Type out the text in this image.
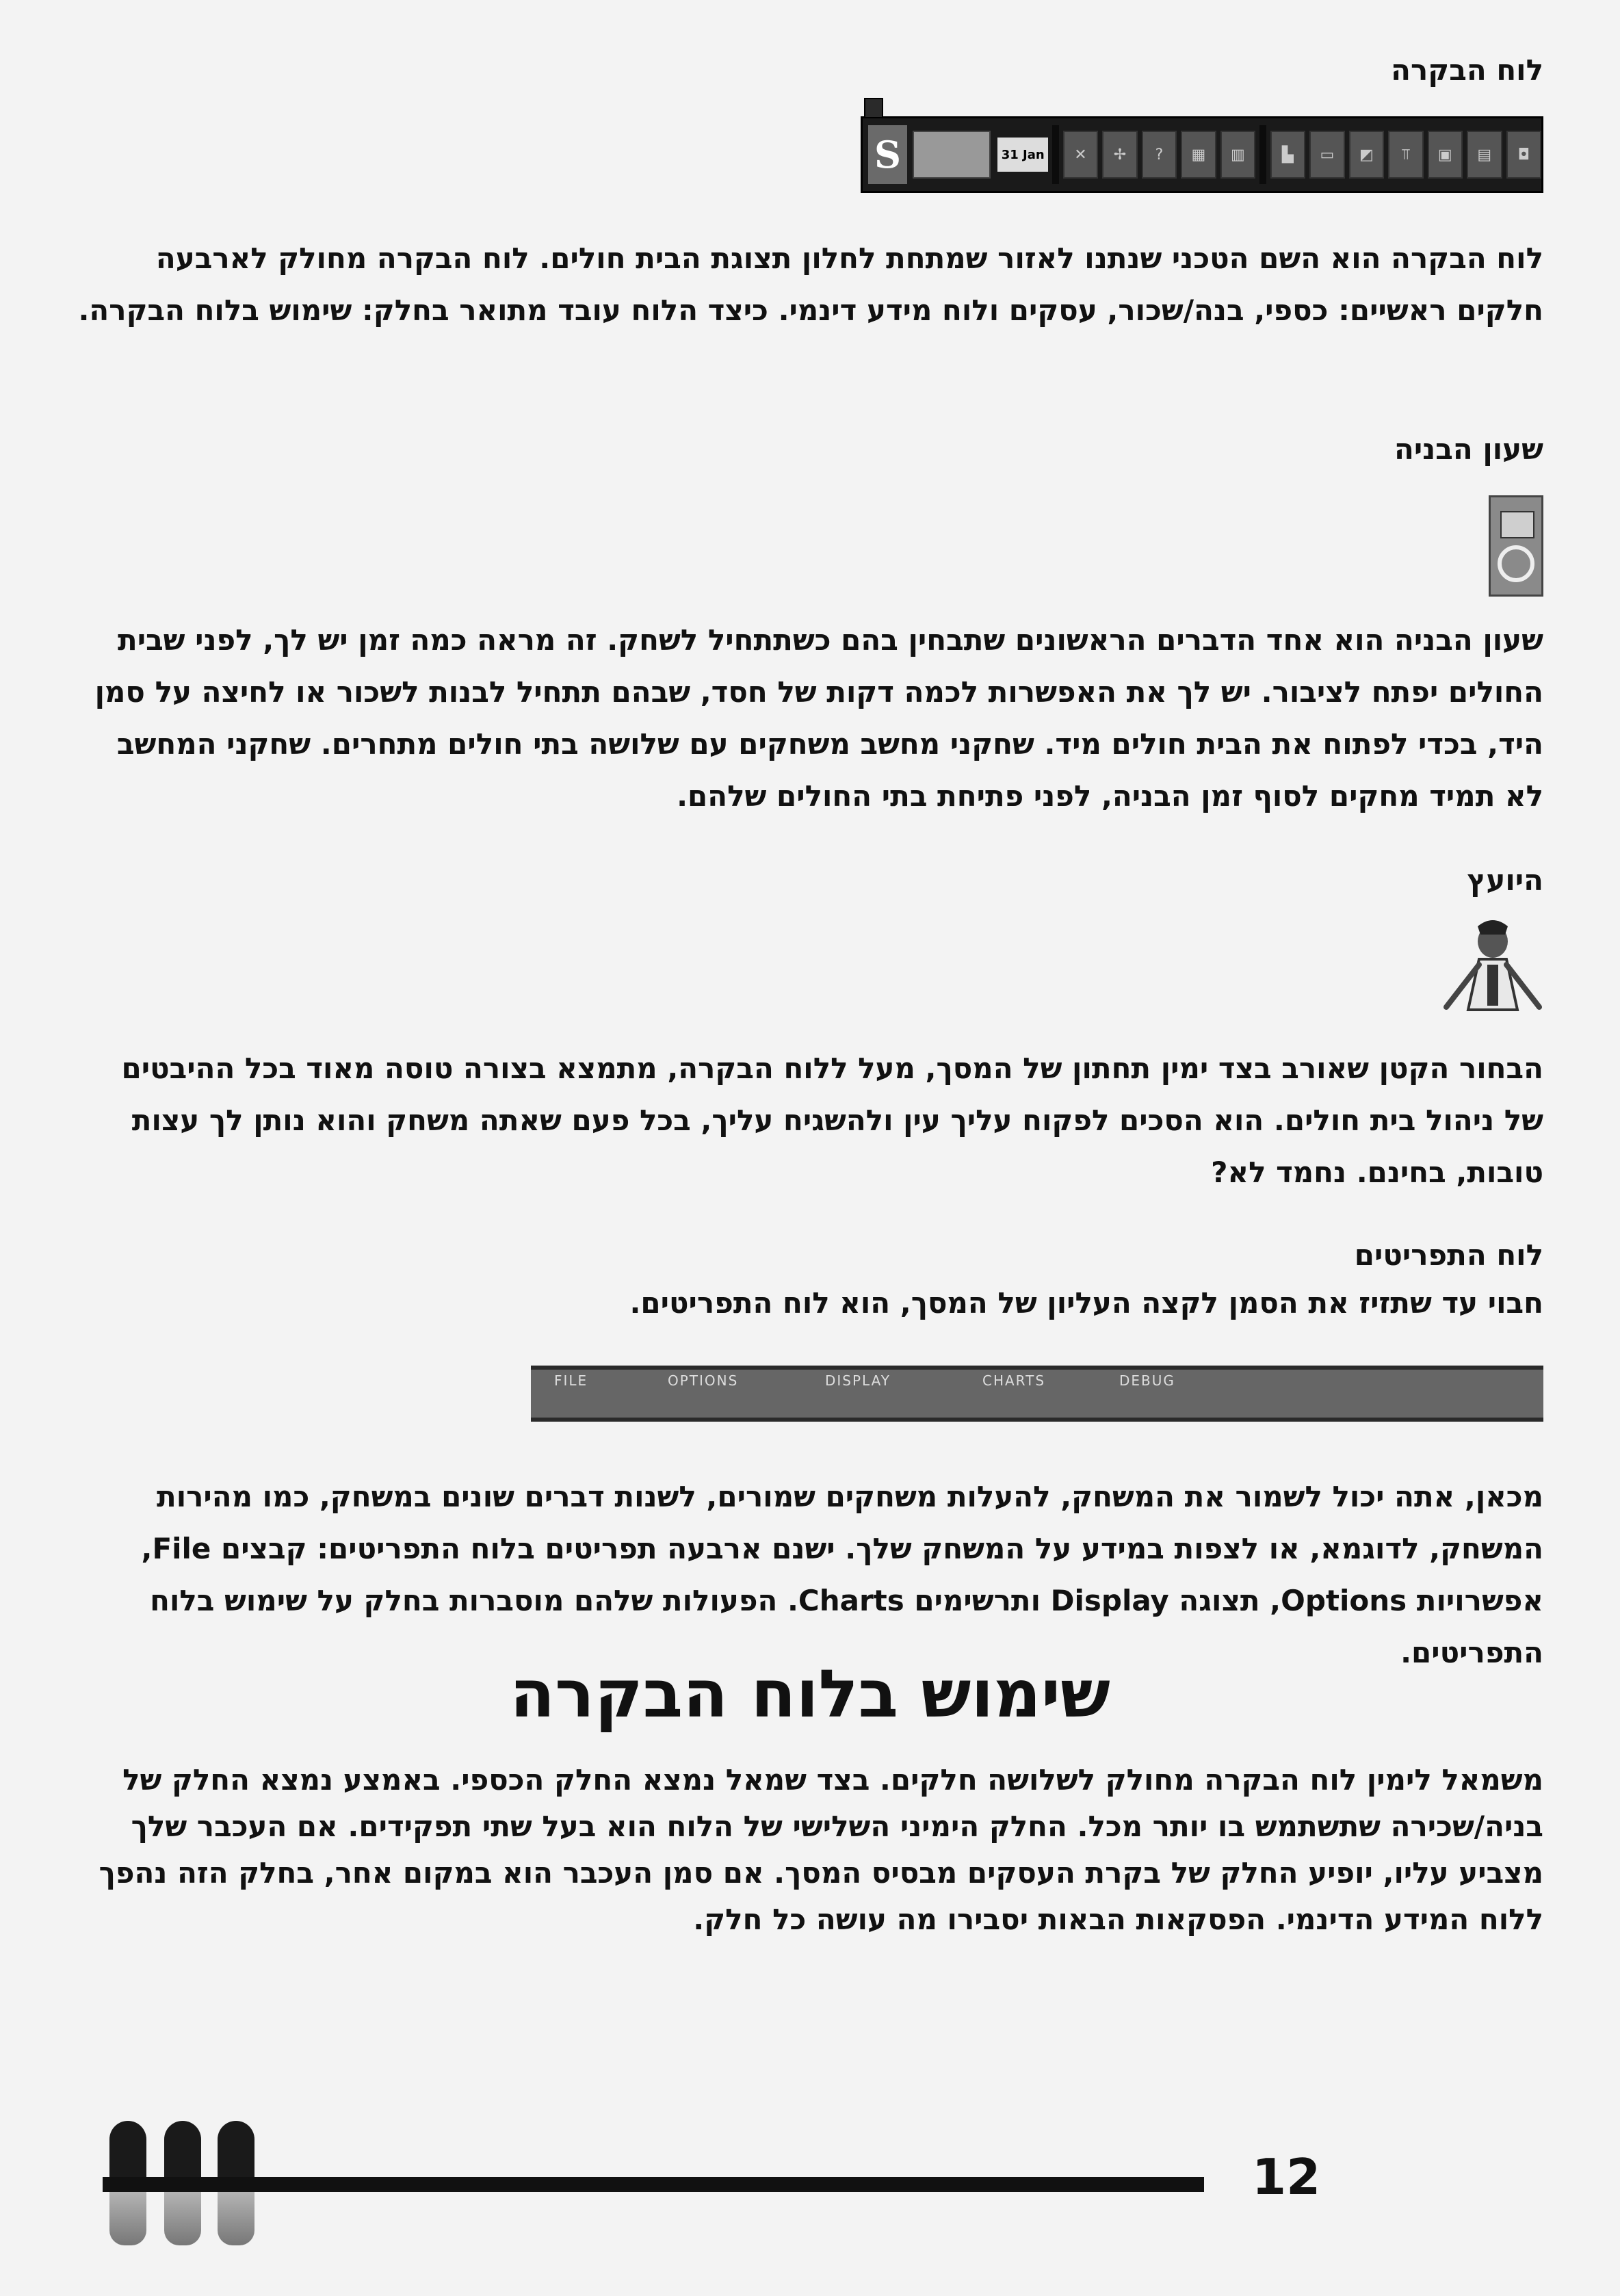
לוח הבקרה
S	31 Jan	✕	✢	?	▦	▥	▙	▭	◩	⫪	▣	▤	◘
לוח הבקרה הוא השם הטכני שנתנו לאזור שמתחת לחלון תצוגת הבית חולים. לוח הבקרה מחולק לארבעה חלקים ראשיים: כספי, בנה/שכור, עסקים ולוח מידע דינמי. כיצד הלוח עובד מתואר בחלק: שימוש בלוח הבקרה.
שעון הבניה
שעון הבניה הוא אחד הדברים הראשונים שתבחין בהם כשתתחיל לשחק. זה מראה כמה זמן יש לך, לפני שבית החולים יפתח לציבור. יש לך את האפשרות לכמה דקות של חסד, שבהם תתחיל לבנות לשכור או לחיצה על סמן היד, בכדי לפתוח את הבית חולים מיד. שחקני מחשב משחקים עם שלושה בתי חולים מתחרים. שחקני המחשב לא תמיד מחקים לסוף זמן הבניה, לפני פתיחת בתי החולים שלהם.
היועץ
הבחור הקטן שאורב בצד ימין תחתון של המסך, מעל ללוח הבקרה, מתמצא בצורה טוסה מאוד בכל ההיבטים של ניהול בית חולים. הוא הסכים לפקוח עליך עין ולהשגיח עליך, בכל פעם שאתה משחק והוא נותן לך עצות טובות, בחינם. נחמד לא?
לוח התפריטים
חבוי עד שתזיז את הסמן לקצה העליון של המסך, הוא לוח התפריטים.
FILE	OPTIONS	DISPLAY	CHARTS	DEBUG
מכאן, אתה יכול לשמור את המשחק, להעלות משחקים שמורים, לשנות דברים שונים במשחק, כמו מהירות המשחק, לדוגמא, או לצפות במידע על המשחק שלך. ישנם ארבעה תפריטים בלוח התפריטים: קבצים File, אפשרויות Options, תצוגה Display ותרשימים Charts. הפעולות שלהם מוסברות בחלק על שימוש בלוח התפריטים.
שימוש בלוח הבקרה
משמאל לימין לוח הבקרה מחולק לשלושה חלקים. בצד שמאל נמצא החלק הכספי. באמצע נמצא החלק של בניה/שכירה שתשתמש בו יותר מכל. החלק הימיני השלישי של הלוח הוא בעל שתי תפקידים. אם העכבר שלך מצביע עליו, יופיע החלק של בקרת העסקים מבסיס המסך. אם סמן העכבר הוא במקום אחר, בחלק הזה נהפך ללוח המידע הדינמי. הפסקאות הבאות יסבירו מה עושה כל חלק.
12
